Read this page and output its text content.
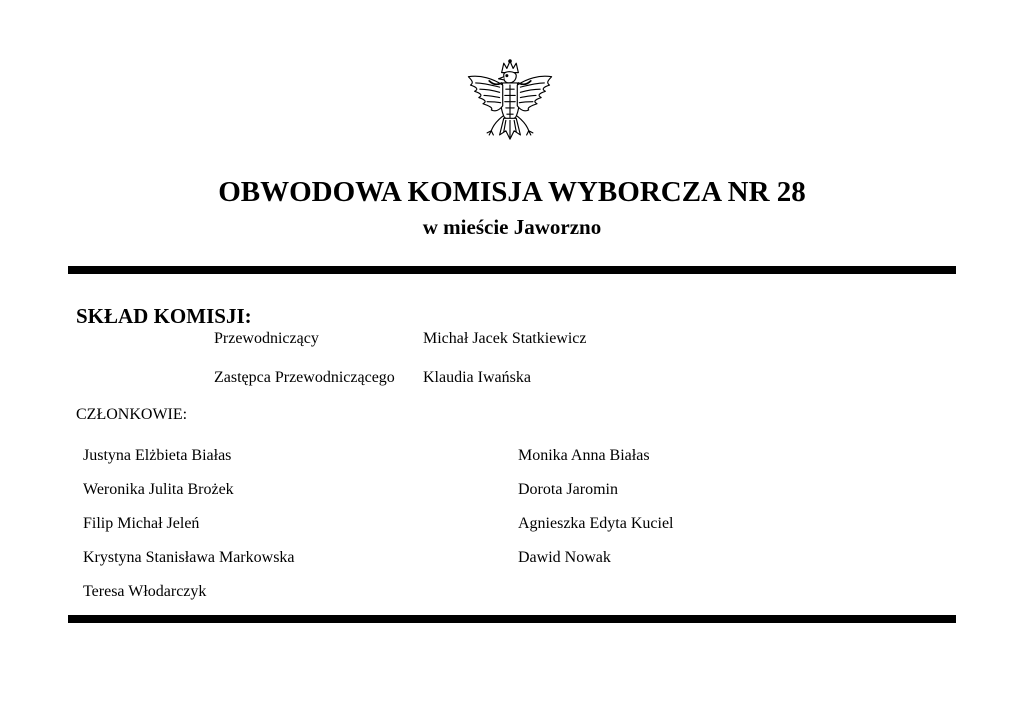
OBWODOWA KOMISJA WYBORCZA NR 28
w mieście Jaworzno
SKŁAD KOMISJI:
Przewodniczący	Michał Jacek Statkiewicz
Zastępca Przewodniczącego Klaudia Iwańska
CZŁONKOWIE:
Justyna Elżbieta Białas	Monika Anna Białas
Weronika Julita Brożek	Dorota Jaromin
Filip Michał Jeleń	Agnieszka Edyta Kuciel
Krystyna Stanisława Markowska	Dawid Nowak
Teresa Włodarczyk
